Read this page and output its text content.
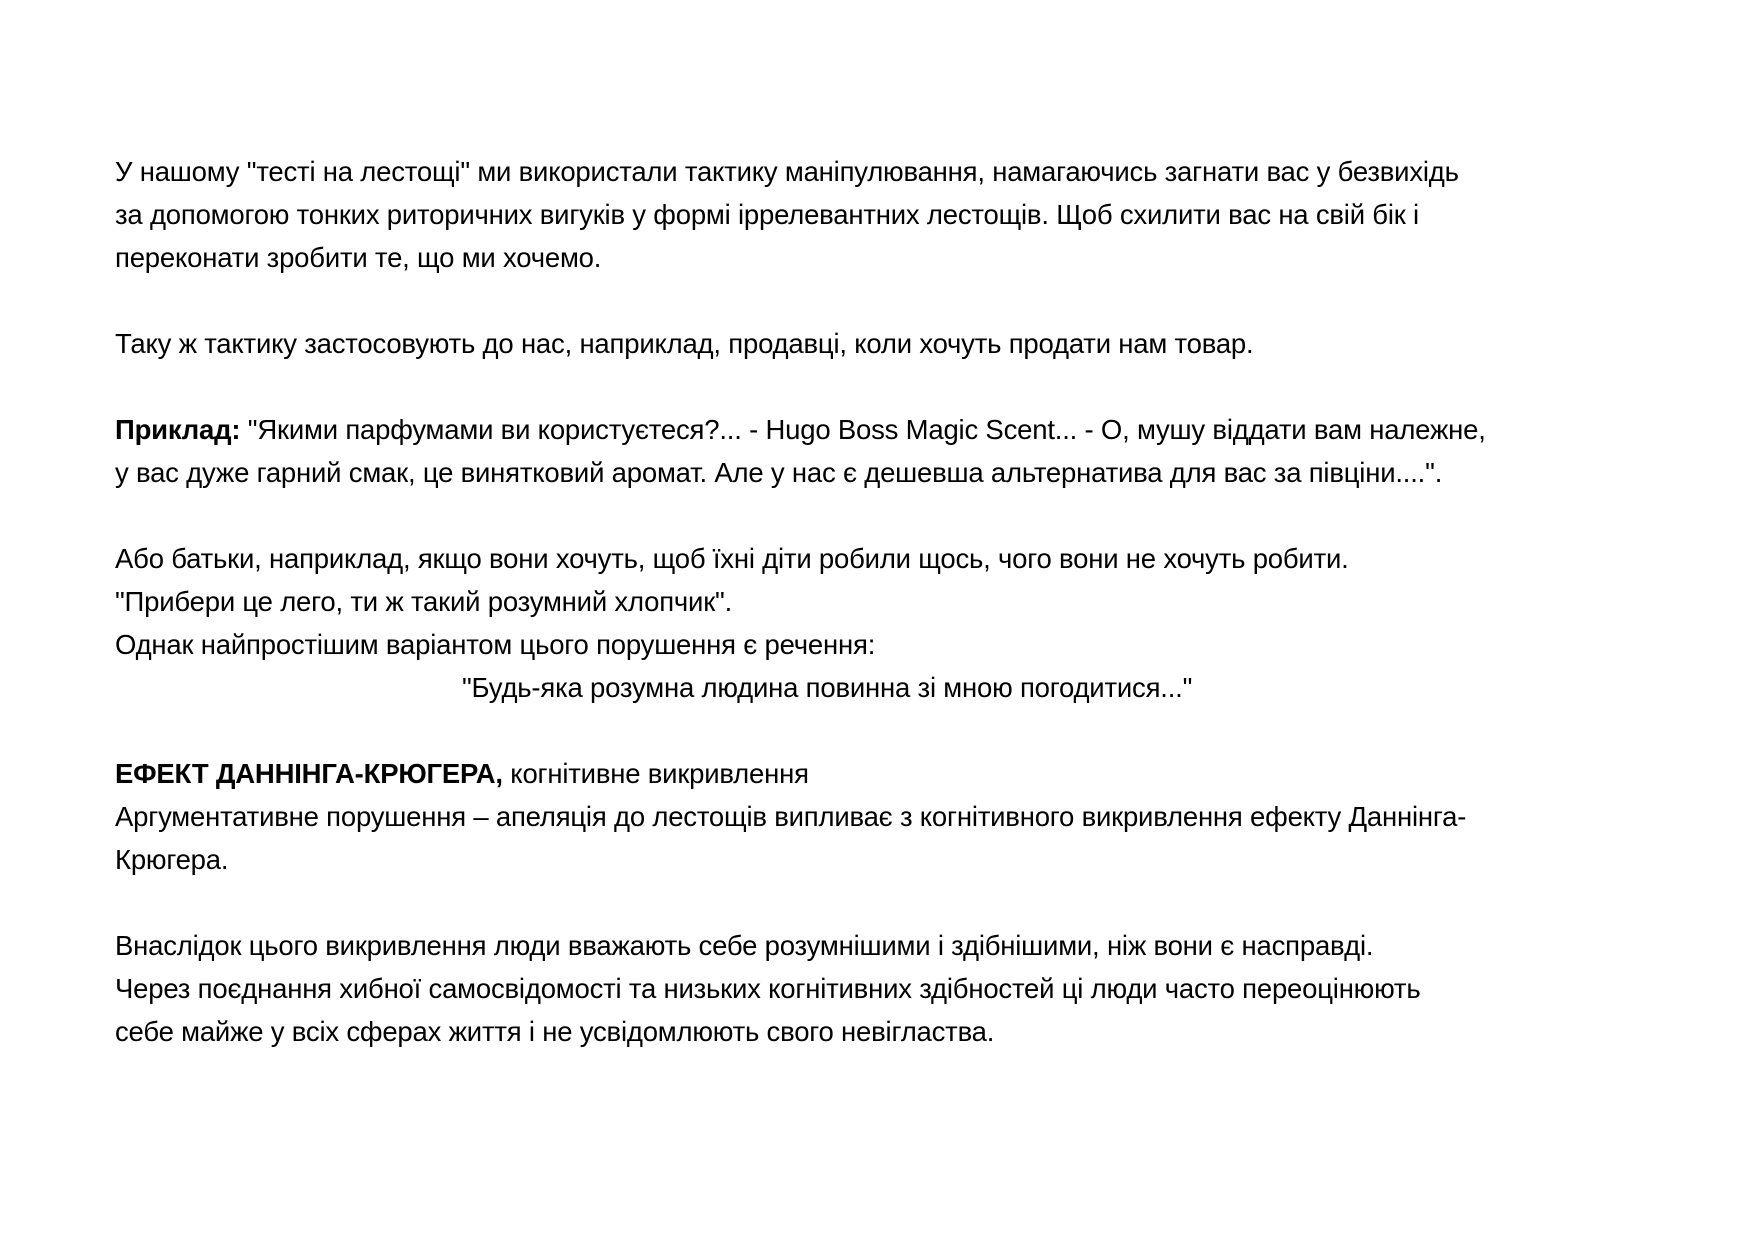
У нашому "тесті на лестощі" ми використали тактику маніпулювання, намагаючись загнати вас у безвихідь
за допомогою тонких риторичних вигуків у формі іррелевантних лестощів. Щоб схилити вас на свій бік і
переконати зробити те, що ми хочемо.
Таку ж тактику застосовують до нас, наприклад, продавці, коли хочуть продати нам товар.
Приклад: "Якими парфумами ви користуєтеся?... - Hugo Boss Magic Scent... - О, мушу віддати вам належне,
у вас дуже гарний смак, це винятковий аромат. Але у нас є дешевша альтернатива для вас за півціни....".
Або батьки, наприклад, якщо вони хочуть, щоб їхні діти робили щось, чого вони не хочуть робити.
"Прибери це лего, ти ж такий розумний хлопчик".
Однак найпростішим варіантом цього порушення є речення:
"Будь-яка розумна людина повинна зі мною погодитися..."
ЕФЕКТ ДАННІНГА-КРЮГЕРА, когнітивне викривлення
Аргументативне порушення – апеляція до лестощів випливає з когнітивного викривлення ефекту Даннінга-
Крюгера.
Внаслідок цього викривлення люди вважають себе розумнішими і здібнішими, ніж вони є насправді.
Через поєднання хибної самосвідомості та низьких когнітивних здібностей ці люди часто переоцінюють
себе майже у всіх сферах життя і не усвідомлюють свого невігластва.
